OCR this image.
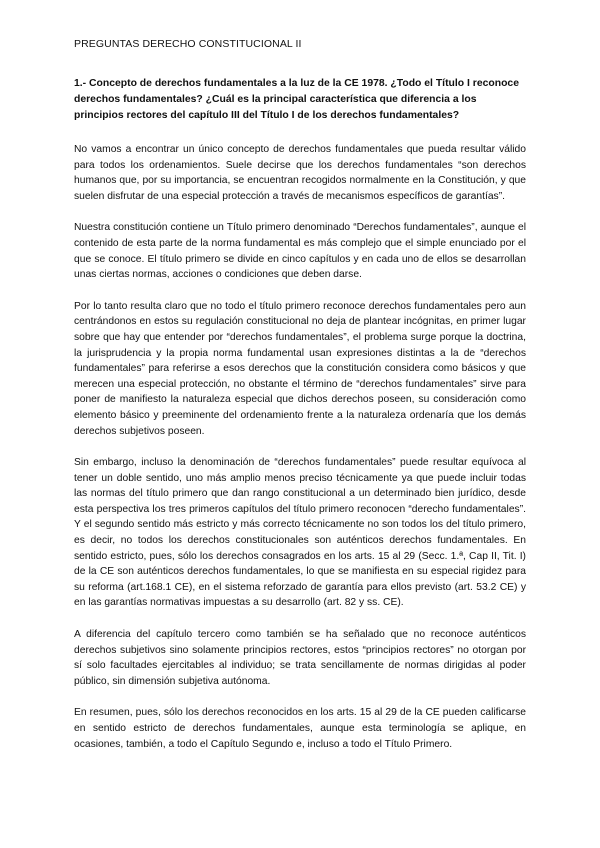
PREGUNTAS DERECHO CONSTITUCIONAL II
1.- Concepto de derechos fundamentales a la luz de la CE 1978. ¿Todo el Título I reconoce derechos fundamentales? ¿Cuál es la principal característica que diferencia a los principios rectores del capítulo III del Título I de los derechos fundamentales?

No vamos a encontrar un único concepto de derechos fundamentales que pueda resultar válido para todos los ordenamientos. Suele decirse que los derechos fundamentales “son derechos humanos que, por su importancia, se encuentran recogidos normalmente en la Constitución, y que suelen disfrutar de una especial protección a través de mecanismos específicos de garantías”.

Nuestra constitución contiene un Título primero denominado “Derechos fundamentales”, aunque el contenido de esta parte de la norma fundamental es más complejo que el simple enunciado por el que se conoce. El título primero se divide en cinco capítulos y en cada uno de ellos se desarrollan unas ciertas normas, acciones o condiciones que deben darse.

Por lo tanto resulta claro que no todo el título primero reconoce derechos fundamentales pero aun centrándonos en estos su regulación constitucional no deja de plantear incógnitas, en primer lugar sobre que hay que entender por “derechos fundamentales”, el problema surge porque la doctrina, la jurisprudencia y la propia norma fundamental usan expresiones distintas a la de “derechos fundamentales” para referirse a esos derechos que la constitución considera como básicos y que merecen una especial protección, no obstante el término de “derechos fundamentales” sirve para poner de manifiesto la naturaleza especial que dichos derechos poseen, su consideración como elemento básico y preeminente del ordenamiento frente a la naturaleza ordenaría que los demás derechos subjetivos poseen.

Sin embargo, incluso la denominación de “derechos fundamentales” puede resultar equívoca al tener un doble sentido, uno más amplio menos preciso técnicamente ya que puede incluir todas las normas del título primero que dan rango constitucional a un determinado bien jurídico, desde esta perspectiva los tres primeros capítulos del título primero reconocen “derecho fundamentales”. Y el segundo sentido más estricto y más correcto técnicamente no son todos los del título primero, es decir, no todos los derechos constitucionales son auténticos derechos fundamentales. En sentido estricto, pues, sólo los derechos consagrados en los arts. 15 al 29 (Secc. 1.ª, Cap II, Tit. I) de la CE son auténticos derechos fundamentales, lo que se manifiesta en su especial rigidez para su reforma (art.168.1 CE), en el sistema reforzado de garantía para ellos previsto (art. 53.2 CE) y en las garantías normativas impuestas a su desarrollo (art. 82 y ss. CE).

A diferencia del capítulo tercero como también se ha señalado que no reconoce auténticos derechos subjetivos sino solamente principios rectores, estos “principios rectores” no otorgan por sí solo facultades ejercitables al individuo; se trata sencillamente de normas dirigidas al poder público, sin dimensión subjetiva autónoma.

En resumen, pues, sólo los derechos reconocidos en los arts. 15 al 29 de la CE pueden calificarse en sentido estricto de derechos fundamentales, aunque esta terminología se aplique, en ocasiones, también, a todo el Capítulo Segundo e, incluso a todo el Título Primero.
